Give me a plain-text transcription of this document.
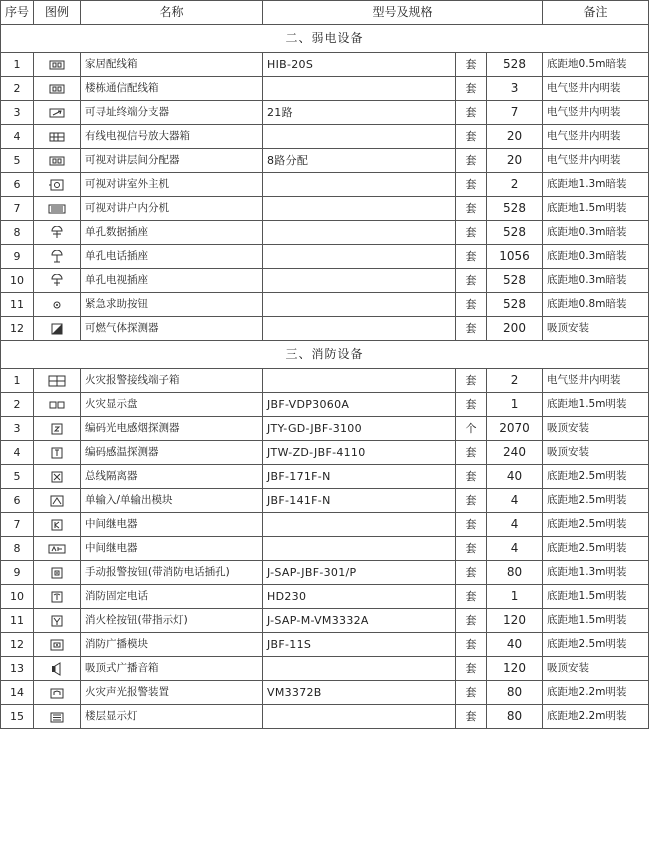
序号	图例	名称	型号及规格			备注
二、弱电设备						
1		家居配线箱	HIB-20S	套	528	底距地0.5m暗装
2		楼栋通信配线箱		套	3	电气竖井内明装
3		可寻址终端分支器	21路	套	7	电气竖井内明装
4		有线电视信号放大器箱		套	20	电气竖井内明装
5		可视对讲层间分配器	8路分配	套	20	电气竖井内明装
6		可视对讲室外主机		套	2	底距地1.3m暗装
7		可视对讲户内分机		套	528	底距地1.5m明装
8		单孔数据插座		套	528	底距地0.3m暗装
9		单孔电话插座		套	1056	底距地0.3m暗装
10		单孔电视插座		套	528	底距地0.3m暗装
11		紧急求助按钮		套	528	底距地0.8m暗装
12		可燃气体探测器		套	200	吸顶安装
三、消防设备						
1		火灾报警接线端子箱		套	2	电气竖井内明装
2		火灾显示盘	JBF-VDP3060A	套	1	底距地1.5m明装
3		编码光电感烟探测器	JTY-GD-JBF-3100	个	2070	吸顶安装
4		编码感温探测器	JTW-ZD-JBF-4110	套	240	吸顶安装
5		总线隔离器	JBF-171F-N	套	40	底距地2.5m明装
6		单输入/单输出模块	JBF-141F-N	套	4	底距地2.5m明装
7		中间继电器		套	4	底距地2.5m明装
8		中间继电器		套	4	底距地2.5m明装
9		手动报警按钮(带消防电话插孔)	J-SAP-JBF-301/P	套	80	底距地1.3m明装
10		消防固定电话	HD230	套	1	底距地1.5m明装
11		消火栓按钮(带指示灯)	J-SAP-M-VM3332A	套	120	底距地1.5m明装
12		消防广播模块	JBF-11S	套	40	底距地2.5m明装
13		吸顶式广播音箱		套	120	吸顶安装
14		火灾声光报警装置	VM3372B	套	80	底距地2.2m明装
15		楼层显示灯		套	80	底距地2.2m明装
